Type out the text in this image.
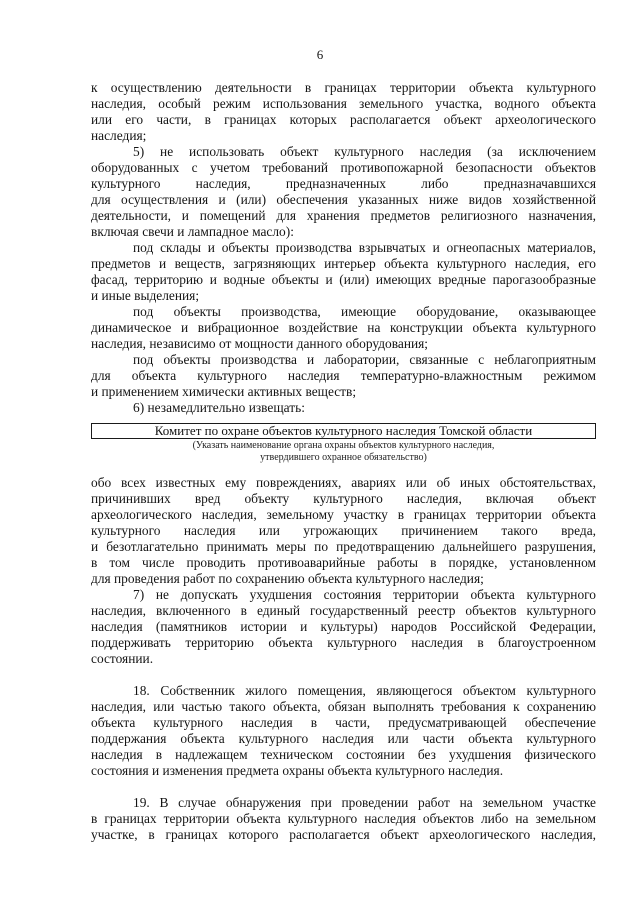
6
к осуществлению деятельности в границах территории объекта культурного
наследия, особый режим использования земельного участка, водного объекта
или его части, в границах которых располагается объект археологического
наследия;
5) не использовать объект культурного наследия (за исключением
оборудованных с учетом требований противопожарной безопасности объектов
культурного наследия, предназначенных либо предназначавшихся
для осуществления и (или) обеспечения указанных ниже видов хозяйственной
деятельности, и помещений для хранения предметов религиозного назначения,
включая свечи и лампадное масло):
под склады и объекты производства взрывчатых и огнеопасных материалов,
предметов и веществ, загрязняющих интерьер объекта культурного наследия, его
фасад, территорию и водные объекты и (или) имеющих вредные парогазообразные
и иные выделения;
под объекты производства, имеющие оборудование, оказывающее
динамическое и вибрационное воздействие на конструкции объекта культурного
наследия, независимо от мощности данного оборудования;
под объекты производства и лаборатории, связанные с неблагоприятным
для объекта культурного наследия температурно-влажностным режимом
и применением химически активных веществ;
6) незамедлительно извещать:
Комитет по охране объектов культурного наследия Томской области
(Указать наименование органа охраны объектов культурного наследия,
утвердившего охранное обязательство)
обо всех известных ему повреждениях, авариях или об иных обстоятельствах,
причинивших вред объекту культурного наследия, включая объект
археологического наследия, земельному участку в границах территории объекта
культурного наследия или угрожающих причинением такого вреда,
и безотлагательно принимать меры по предотвращению дальнейшего разрушения,
в том числе проводить противоаварийные работы в порядке, установленном
для проведения работ по сохранению объекта культурного наследия;
7) не допускать ухудшения состояния территории объекта культурного
наследия, включенного в единый государственный реестр объектов культурного
наследия (памятников истории и культуры) народов Российской Федерации,
поддерживать территорию объекта культурного наследия в благоустроенном
состоянии.
18. Собственник жилого помещения, являющегося объектом культурного
наследия, или частью такого объекта, обязан выполнять требования к сохранению
объекта культурного наследия в части, предусматривающей обеспечение
поддержания объекта культурного наследия или части объекта культурного
наследия в надлежащем техническом состоянии без ухудшения физического
состояния и изменения предмета охраны объекта культурного наследия.
19. В случае обнаружения при проведении работ на земельном участке
в границах территории объекта культурного наследия объектов либо на земельном
участке, в границах которого располагается объект археологического наследия,
